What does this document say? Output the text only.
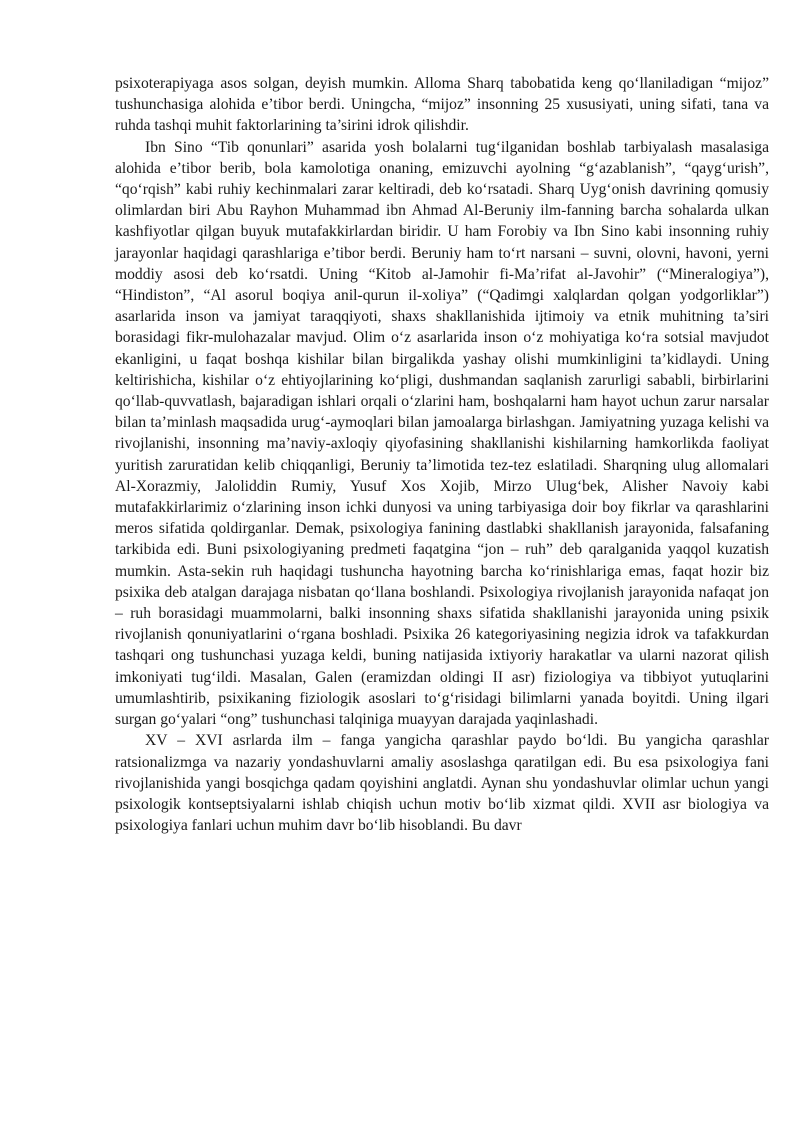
psixoterapiyaga asos solgan, deyish mumkin. Alloma Sharq tabobatida keng qo‘llaniladigan “mijoz” tushunchasiga alohida e’tibor berdi. Uningcha, “mijoz” insonning 25 xususiyati, uning sifati, tana va ruhda tashqi muhit faktorlarining ta’sirini idrok qilishdir.

Ibn Sino “Tib qonunlari” asarida yosh bolalarni tug‘ilganidan boshlab tarbiyalash masalasiga alohida e’tibor berib, bola kamolotiga onaning, emizuvchi ayolning “g‘azablanish”, “qayg‘urish”, “qo‘rqish” kabi ruhiy kechinmalari zarar keltiradi, deb ko‘rsatadi. Sharq Uyg‘onish davrining qomusiy olimlardan biri Abu Rayhon Muhammad ibn Ahmad Al-Beruniy ilm-fanning barcha sohalarda ulkan kashfiyotlar qilgan buyuk mutafakkirlardan biridir. U ham Forobiy va Ibn Sino kabi insonning ruhiy jarayonlar haqidagi qarashlariga e’tibor berdi. Beruniy ham to‘rt narsani – suvni, olovni, havoni, yerni moddiy asosi deb ko‘rsatdi. Uning “Kitob al-Jamohir fi-Ma’rifat al-Javohir” (“Mineralogiya”), “Hindiston”, “Al asorul boqiya anil-qurun il-xoliya” (“Qadimgi xalqlardan qolgan yodgorliklar”) asarlarida inson va jamiyat taraqqiyoti, shaxs shakllanishida ijtimoiy va etnik muhitning ta’siri borasidagi fikr-mulohazalar mavjud. Olim o‘z asarlarida inson o‘z mohiyatiga ko‘ra sotsial mavjudot ekanligini, u faqat boshqa kishilar bilan birgalikda yashay olishi mumkinligini ta’kidlaydi. Uning keltirishicha, kishilar o‘z ehtiyojlarining ko‘pligi, dushmandan saqlanish zarurligi sababli, birbirlarini qo‘llab-quvvatlash, bajaradigan ishlari orqali o‘zlarini ham, boshqalarni ham hayot uchun zarur narsalar bilan ta’minlash maqsadida urug‘-aymoqlari bilan jamoalarga birlashgan. Jamiyatning yuzaga kelishi va rivojlanishi, insonning ma’naviy-axloqiy qiyofasining shakllanishi kishilarning hamkorlikda faoliyat yuritish zaruratidan kelib chiqqanligi, Beruniy ta’limotida tez-tez eslatiladi. Sharqning ulug allomalari Al-Xorazmiy, Jaloliddin Rumiy, Yusuf Xos Xojib, Mirzo Ulug‘bek, Alisher Navoiy kabi mutafakkirlarimiz o‘zlarining inson ichki dunyosi va uning tarbiyasiga doir boy fikrlar va qarashlarini meros sifatida qoldirganlar. Demak, psixologiya fanining dastlabki shakllanish jarayonida, falsafaning tarkibida edi. Buni psixologiyaning predmeti faqatgina “jon – ruh” deb qaralganida yaqqol kuzatish mumkin. Asta-sekin ruh haqidagi tushuncha hayotning barcha ko‘rinishlariga emas, faqat hozir biz psixika deb atalgan darajaga nisbatan qo‘llana boshlandi. Psixologiya rivojlanish jarayonida nafaqat jon – ruh borasidagi muammolarni, balki insonning shaxs sifatida shakllanishi jarayonida uning psixik rivojlanish qonuniyatlarini o‘rgana boshladi. Psixika 26 kategoriyasining negizia idrok va tafakkurdan tashqari ong tushunchasi yuzaga keldi, buning natijasida ixtiyoriy harakatlar va ularni nazorat qilish imkoniyati tug‘ildi. Masalan, Galen (eramizdan oldingi II asr) fiziologiya va tibbiyot yutuqlarini umumlashtirib, psixikaning fiziologik asoslari to‘g‘risidagi bilimlarni yanada boyitdi. Uning ilgari surgan go‘yalari “ong” tushunchasi talqiniga muayyan darajada yaqinlashadi.

XV – XVI asrlarda ilm – fanga yangicha qarashlar paydo bo‘ldi. Bu yangicha qarashlar ratsionalizmga va nazariy yondashuvlarni amaliy asoslashga qaratilgan edi. Bu esa psixologiya fani rivojlanishida yangi bosqichga qadam qoyishini anglatdi. Aynan shu yondashuvlar olimlar uchun yangi psixologik kontseptsiyalarni ishlab chiqish uchun motiv bo‘lib xizmat qildi. XVII asr biologiya va psixologiya fanlari uchun muhim davr bo‘lib hisoblandi. Bu davr
